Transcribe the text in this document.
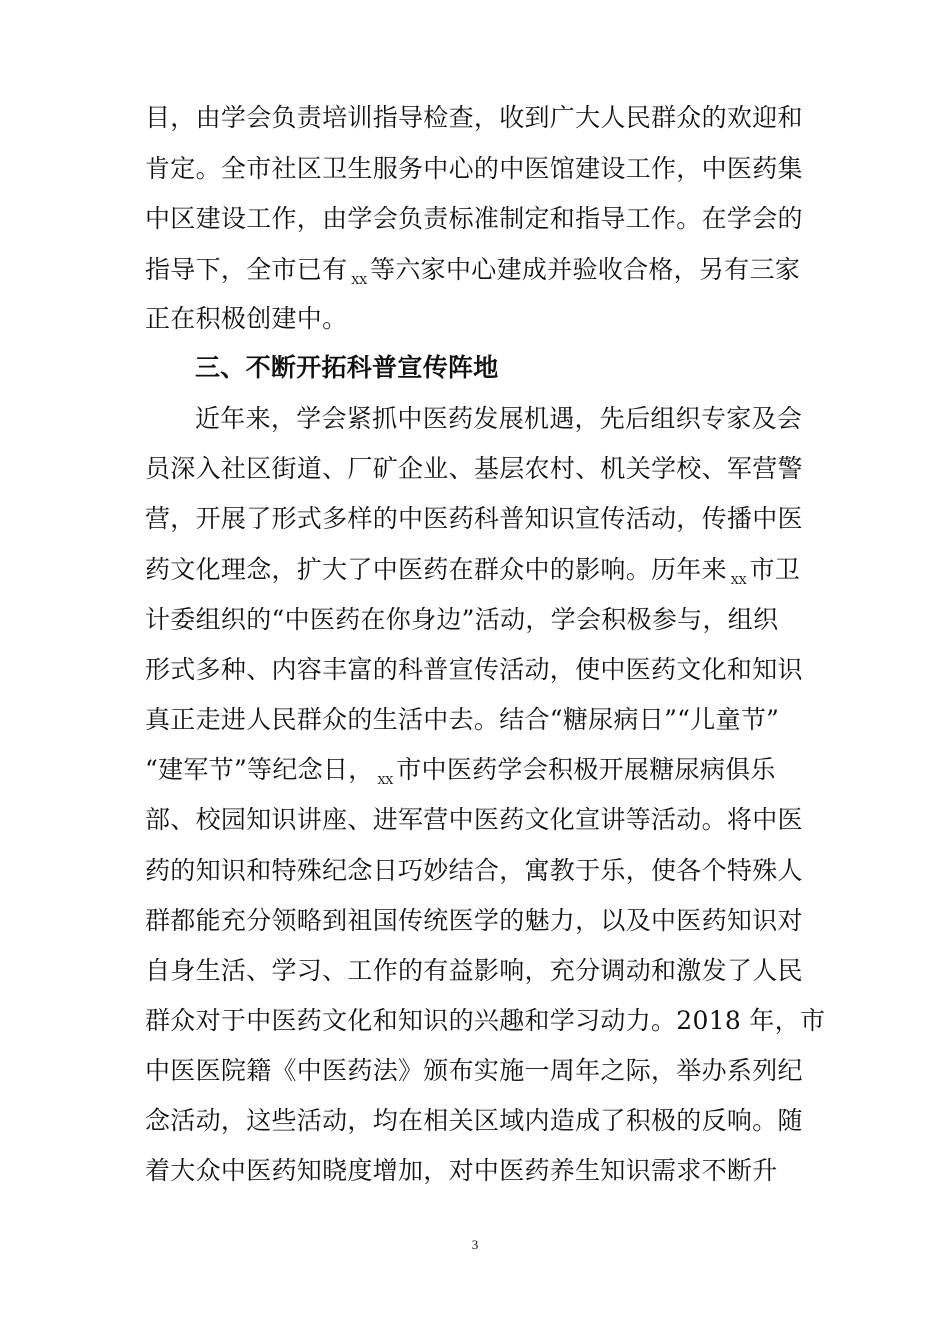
目，由学会负责培训指导检查，收到广大人民群众的欢迎和
肯定。全市社区卫生服务中心的中医馆建设工作，中医药集
中区建设工作，由学会负责标准制定和指导工作。在学会的
指导下，全市已有 $_{XX}$ 等六家中心建成并验收合格，另有三家
正在积极创建中。
三、不断开拓科普宣传阵地
近年来，学会紧抓中医药发展机遇，先后组织专家及会
员深入社区街道、厂矿企业、基层农村、机关学校、军营警
营，开展了形式多样的中医药科普知识宣传活动，传播中医
药文化理念，扩大了中医药在群众中的影响。历年来 $_{XX}$ 市卫
计委组织的“中医药在你身边”活动，学会积极参与，组织
形式多种、内容丰富的科普宣传活动，使中医药文化和知识
真正走进人民群众的生活中去。结合“糖尿病日”“儿童节”
“建军节”等纪念日， $_{XX}$ 市中医药学会积极开展糖尿病俱乐
部、校园知识讲座、进军营中医药文化宣讲等活动。将中医
药的知识和特殊纪念日巧妙结合，寓教于乐，使各个特殊人
群都能充分领略到祖国传统医学的魅力，以及中医药知识对
自身生活、学习、工作的有益影响，充分调动和激发了人民
群众对于中医药文化和知识的兴趣和学习动力。2018 年，市
中医医院籍《中医药法》颁布实施一周年之际，举办系列纪
念活动，这些活动，均在相关区域内造成了积极的反响。随
着大众中医药知晓度增加，对中医药养生知识需求不断升
3
